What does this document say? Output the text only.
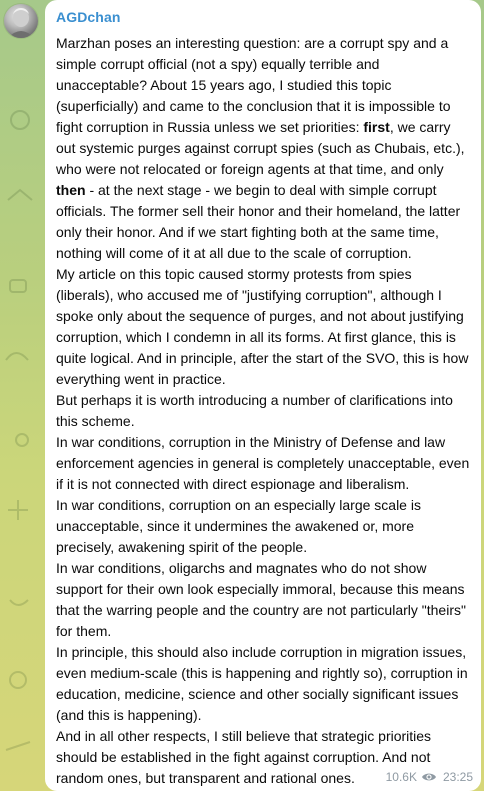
AGDchan
Marzhan poses an interesting question: are a corrupt spy and a simple corrupt official (not a spy) equally terrible and unacceptable? About 15 years ago, I studied this topic (superficially) and came to the conclusion that it is impossible to fight corruption in Russia unless we set priorities: first, we carry out systemic purges against corrupt spies (such as Chubais, etc.), who were not relocated or foreign agents at that time, and only then - at the next stage - we begin to deal with simple corrupt officials. The former sell their honor and their homeland, the latter only their honor. And if we start fighting both at the same time, nothing will come of it at all due to the scale of corruption.
My article on this topic caused stormy protests from spies (liberals), who accused me of "justifying corruption", although I spoke only about the sequence of purges, and not about justifying corruption, which I condemn in all its forms. At first glance, this is quite logical. And in principle, after the start of the SVO, this is how everything went in practice.
But perhaps it is worth introducing a number of clarifications into this scheme.
In war conditions, corruption in the Ministry of Defense and law enforcement agencies in general is completely unacceptable, even if it is not connected with direct espionage and liberalism.
In war conditions, corruption on an especially large scale is unacceptable, since it undermines the awakened or, more precisely, awakening spirit of the people.
In war conditions, oligarchs and magnates who do not show support for their own look especially immoral, because this means that the warring people and the country are not particularly "theirs" for them.
In principle, this should also include corruption in migration issues, even medium-scale (this is happening and rightly so), corruption in education, medicine, science and other socially significant issues (and this is happening).
And in all other respects, I still believe that strategic priorities should be established in the fight against corruption. And not random ones, but transparent and rational ones.	10.6K 23:25
